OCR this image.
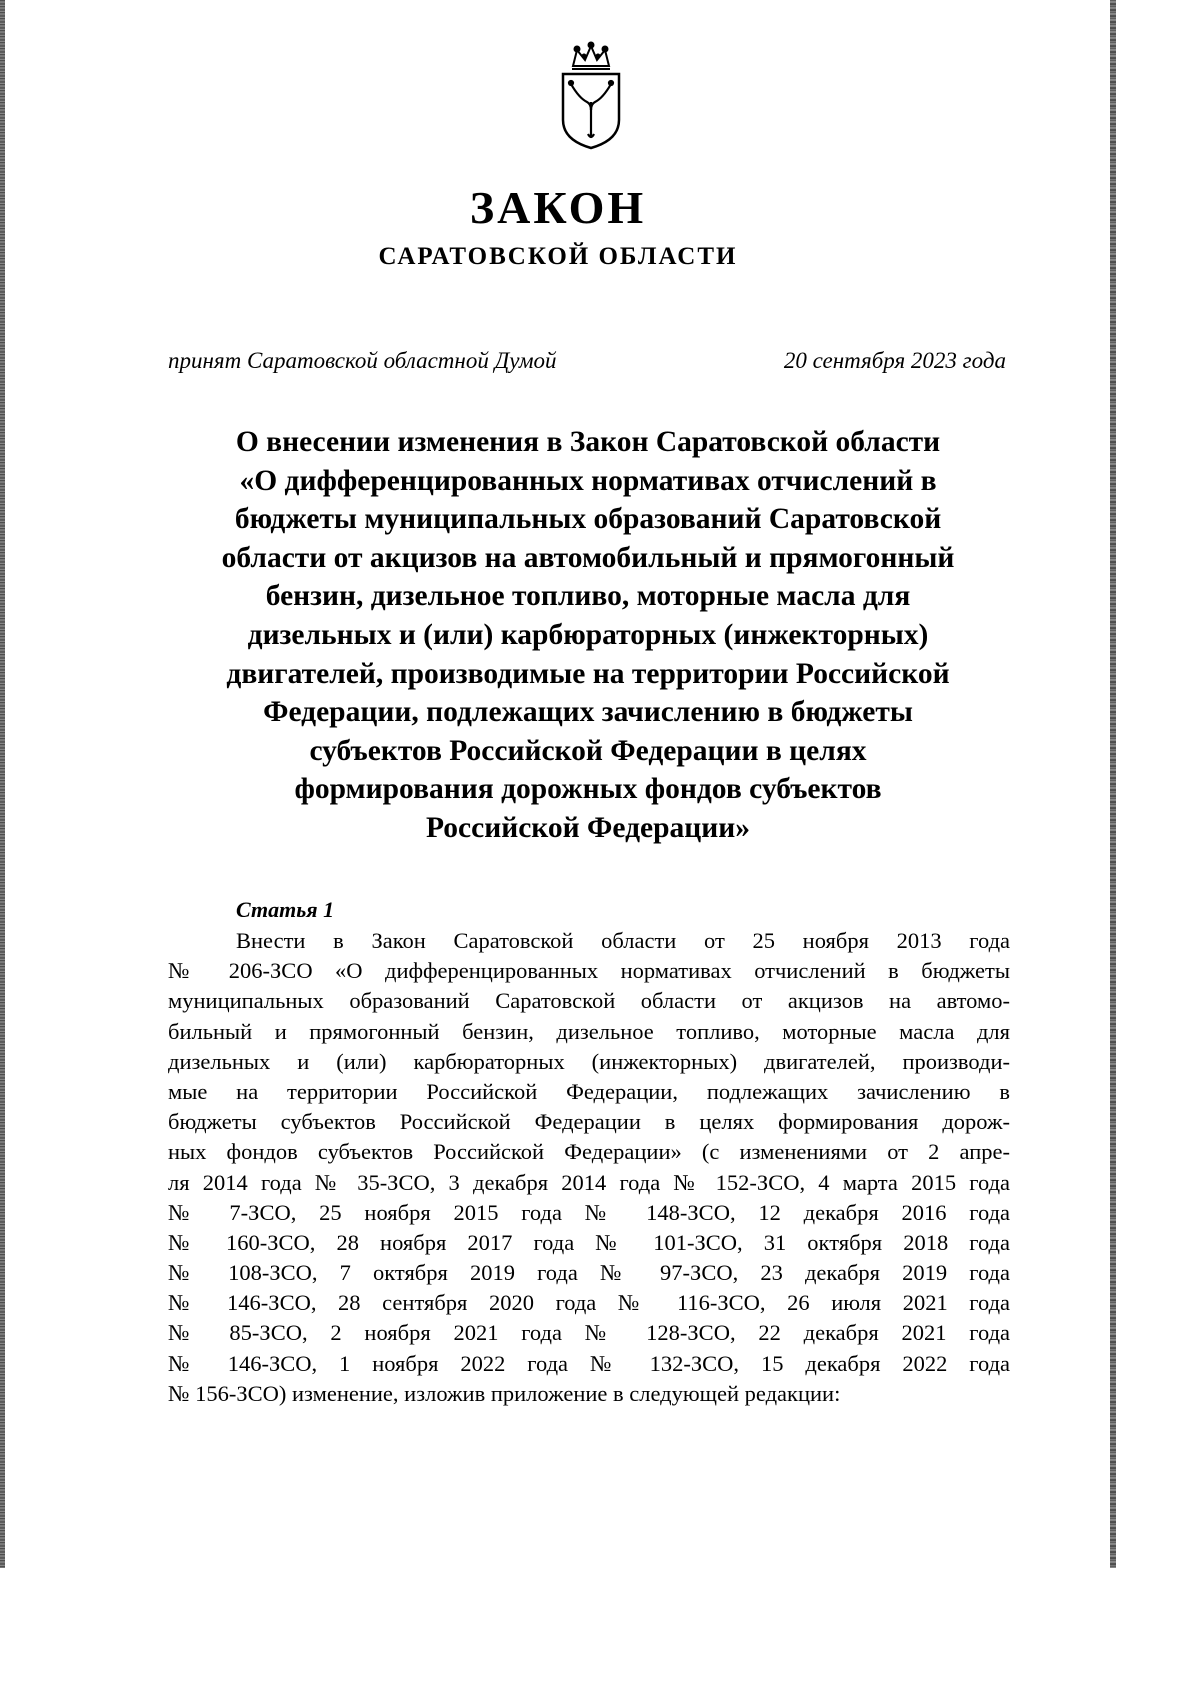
ЗАКОН
САРАТОВСКОЙ ОБЛАСТИ
принят Саратовской областной Думой	20 сентября 2023 года
О внесении изменения в Закон Саратовской области
«О дифференцированных нормативах отчислений в
бюджеты муниципальных образований Саратовской
области от акцизов на автомобильный и прямогонный
бензин, дизельное топливо, моторные масла для
дизельных и (или) карбюраторных (инжекторных)
двигателей, производимые на территории Российской
Федерации, подлежащих зачислению в бюджеты
субъектов Российской Федерации в целях
формирования дорожных фондов субъектов
Российской Федерации»
Статья 1
Внести в Закон Саратовской области от 25 ноября 2013 года
№ 206-ЗСО «О дифференцированных нормативах отчислений в бюджеты
муниципальных образований Саратовской области от акцизов на автомо-
бильный и прямогонный бензин, дизельное топливо, моторные масла для
дизельных и (или) карбюраторных (инжекторных) двигателей, производи-
мые на территории Российской Федерации, подлежащих зачислению в
бюджеты субъектов Российской Федерации в целях формирования дорож-
ных фондов субъектов Российской Федерации» (с изменениями от 2 апре-
ля 2014 года № 35-ЗСО, 3 декабря 2014 года № 152-ЗСО, 4 марта 2015 года
№ 7-ЗСО, 25 ноября 2015 года № 148-ЗСО, 12 декабря 2016 года
№ 160-ЗСО, 28 ноября 2017 года № 101-ЗСО, 31 октября 2018 года
№ 108-ЗСО, 7 октября 2019 года № 97-ЗСО, 23 декабря 2019 года
№ 146-ЗСО, 28 сентября 2020 года № 116-ЗСО, 26 июля 2021 года
№ 85-ЗСО, 2 ноября 2021 года № 128-ЗСО, 22 декабря 2021 года
№ 146-ЗСО, 1 ноября 2022 года № 132-ЗСО, 15 декабря 2022 года
№ 156-ЗСО) изменение, изложив приложение в следующей редакции:
